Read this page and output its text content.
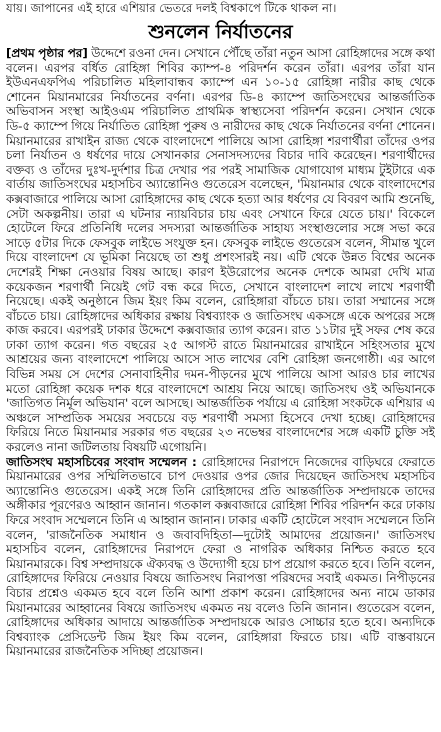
যায়। জাপানের এই হারে এশিয়ার ভেতরে দলই বিশ্বকাপে টিকে থাকল না।
শুনলেন নির্যাতনের

[প্রথম পৃষ্ঠার পর] উদ্দেশে রওনা দেন। সেখানে পৌঁছে তাঁরা নতুন আসা রোহিঙ্গাদের সঙ্গে কথা বলেন। এরপর বর্ধিত রোহিঙ্গা শিবির ক্যাম্প-৪ পরিদর্শন করেন তাঁরা। এরপর তাঁরা যান ইউএনএফপিএ পরিচালিত মহিলাবান্ধব ক্যাম্পে এন ১০-১৫ রোহিঙ্গা নারীর কাছ থেকে শোনেন মিয়ানমারের নির্যাতনের বর্ণনা। এরপর ডি-৪ ক্যাম্পে জাতিসংঘের আন্তর্জাতিক অভিবাসন সংস্থা আইওএম পরিচালিত প্রাথমিক স্বাস্থ্যসেবা পরিদর্শন করেন। সেখান থেকে ডি-৫ ক্যাম্পে গিয়ে নির্যাতিত রোহিঙ্গা পুরুষ ও নারীদের কাছ থেকে নির্যাতনের বর্ণনা শোনেন। মিয়ানমারের রাখাইন রাজ্য থেকে বাংলাদেশে পালিয়ে আসা রোহিঙ্গা শরণার্থীরা তাঁদের ওপর চলা নির্যাতন ও ধর্ষণের দায়ে সেখানকার সেনাসদস্যদের বিচার দাবি করেছেন। শরণার্থীদের বক্তব্য ও তাঁদের দুঃখ-দুর্দশার চিত্র দেখার পর পরই সামাজিক যোগাযোগ মাধ্যম টুইটারে এক বার্তায় জাতিসংঘের মহাসচিব অ্যান্তোনিও গুতেরেস বলেছেন, 'মিয়ানমার থেকে বাংলাদেশের কক্সবাজারে পালিয়ে আসা রোহিঙ্গাদের কাছ থেকে হত্যা আর ধর্ষণের যে বিবরণ আমি শুনেছি, সেটা অকল্পনীয়। তারা এ ঘটনার ন্যায়বিচার চায় এবং সেখানে ফিরে যেতে চায়।' বিকেলে হোটেলে ফিরে প্রতিনিধি দলের সদস্যরা আন্তর্জাতিক সাহায্য সংস্থাগুলোর সঙ্গে সভা করে সাড়ে ৫টার দিকে ফেসবুক লাইভে সংযুক্ত হন। ফেসবুক লাইভে গুতেরেস বলেন, সীমান্ত খুলে দিয়ে বাংলাদেশ যে ভূমিকা নিয়েছে তা শুধু প্রশংসারই নয়। এটি থেকে উন্নত বিশ্বের অনেক দেশেরই শিক্ষা নেওয়ার বিষয় আছে। কারণ ইউরোপের অনেক দেশকে আমরা দেখি মাত্র কয়েকজন শরণার্থী নিয়েই গেট বন্ধ করে দিতে, সেখানে বাংলাদেশ লাখে লাখে শরণার্থী নিয়েছে। একই অনুষ্ঠানে জিম ইয়ং কিম বলেন, রোহিঙ্গারা বাঁচতে চায়। তারা সম্মানের সঙ্গে বাঁচতে চায়। রোহিঙ্গাদের অধিকার রক্ষায় বিশ্বব্যাংক ও জাতিসংঘ একসঙ্গে একে অপরের সঙ্গে কাজ করবে। এরপরই ঢাকার উদ্দেশে কক্সবাজার ত্যাগ করেন। রাত ১১টার দুই সফর শেষ করে ঢাকা ত্যাগ করেন। গত বছরের ২৫ আগস্ট রাতে মিয়ানমারের রাখাইনে সহিংসতার মুখে আশ্রয়ের জন্য বাংলাদেশে পালিয়ে আসে সাত লাখের বেশি রোহিঙ্গা জনগোষ্ঠী। এর আগে বিভিন্ন সময় সে দেশের সেনাবাহিনীর দমন-পীড়নের মুখে পালিয়ে আসা আরও চার লাখের মতো রোহিঙ্গা কয়েক দশক ধরে বাংলাদেশে আশ্রয় নিয়ে আছে। জাতিসংঘ ওই অভিযানকে 'জাতিগত নির্মূল অভিযান' বলে আসছে। আন্তর্জাতিক পর্যায়ে এ রোহিঙ্গা সংকটকে এশিয়ার এ অঞ্চলে সাম্প্রতিক সময়ের সবচেয়ে বড় শরণার্থী সমস্যা হিসেবে দেখা হচ্ছে। রোহিঙ্গাদের ফিরিয়ে নিতে মিয়ানমার সরকার গত বছরের ২৩ নভেম্বর বাংলাদেশের সঙ্গে একটি চুক্তি সই করলেও নানা জটিলতায় বিষয়টি এগোয়নি।

জাতিসংঘ মহাসচিবের সংবাদ সম্মেলন : রোহিঙ্গাদের নিরাপদে নিজেদের বাড়িঘরে ফেরাতে মিয়ানমারের ওপর সম্মিলিতভাবে চাপ দেওয়ার ওপর জোর দিয়েছেন জাতিসংঘ মহাসচিব অ্যান্তোনিও গুতেরেস। একই সঙ্গে তিনি রোহিঙ্গাদের প্রতি আন্তর্জাতিক সম্প্রদায়কে তাদের অঙ্গীকার পূরণেরও আহ্বান জানান। গতকাল কক্সবাজারে রোহিঙ্গা শিবির পরিদর্শন করে ঢাকায় ফিরে সংবাদ সম্মেলনে তিনি এ আহ্বান জানান। ঢাকার একটি হোটেলে সংবাদ সম্মেলনে তিনি বলেন, 'রাজনৈতিক সমাধান ও জবাবদিহিতা—দুটোই আমাদের প্রয়োজন।' জাতিসংঘ মহাসচিব বলেন, রোহিঙ্গাদের নিরাপদে ফেরা ও নাগরিক অধিকার নিশ্চিত করতে হবে মিয়ানমারকে। বিশ্ব সম্প্রদায়কে ঐক্যবদ্ধ ও উদ্যোগী হয়ে চাপ প্রয়োগ করতে হবে। তিনি বলেন, রোহিঙ্গাদের ফিরিয়ে নেওয়ার বিষয়ে জাতিসংঘ নিরাপত্তা পরিষদের সবাই একমত। নিপীড়নের বিচার প্রশ্নেও একমত হবে বলে তিনি আশা প্রকাশ করেন। রোহিঙ্গাদের অন্য নামে ডাকার মিয়ানমারের আহ্বানের বিষয়ে জাতিসংঘ একমত নয় বলেও তিনি জানান। গুতেরেস বলেন, রোহিঙ্গাদের অধিকার আদায়ে আন্তর্জাতিক সম্প্রদায়কে আরও সোচ্চার হতে হবে। অন্যদিকে বিশ্বব্যাংক প্রেসিডেন্ট জিম ইয়ং কিম বলেন, রোহিঙ্গারা ফিরতে চায়। এটি বাস্তবায়নে মিয়ানমারের রাজনৈতিক সদিচ্ছা প্রয়োজন।
